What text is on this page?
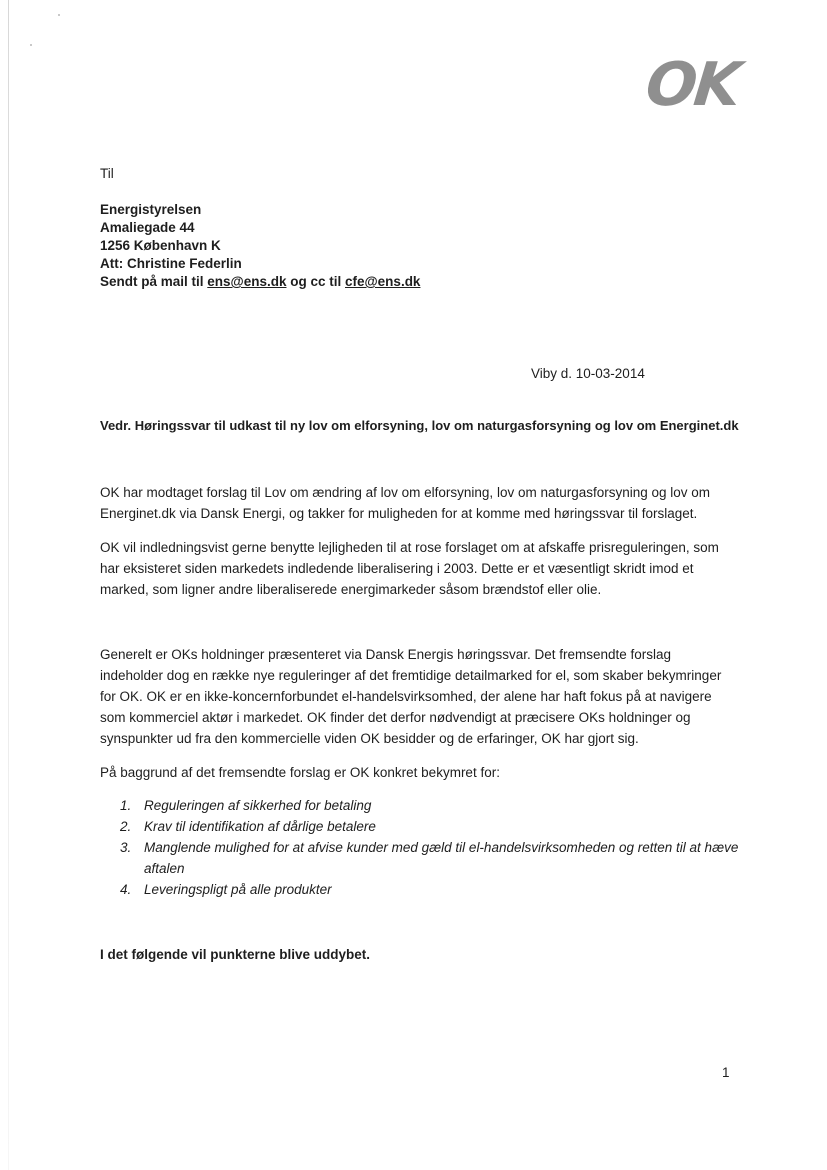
OK
Til
Energistyrelsen
Amaliegade 44
1256 København K
Att: Christine Federlin
Sendt på mail til ens@ens.dk og cc til cfe@ens.dk
Viby d. 10-03-2014
Vedr. Høringssvar til udkast til ny lov om elforsyning, lov om naturgasforsyning og lov om Energinet.dk

OK har modtaget forslag til Lov om ændring af lov om elforsyning, lov om naturgasforsyning og lov om Energinet.dk via Dansk Energi, og takker for muligheden for at komme med høringssvar til forslaget.

OK vil indledningsvist gerne benytte lejligheden til at rose forslaget om at afskaffe prisreguleringen, som har eksisteret siden markedets indledende liberalisering i 2003. Dette er et væsentligt skridt imod et marked, som ligner andre liberaliserede energimarkeder såsom brændstof eller olie.

Generelt er OKs holdninger præsenteret via Dansk Energis høringssvar. Det fremsendte forslag indeholder dog en række nye reguleringer af det fremtidige detailmarked for el, som skaber bekymringer for OK. OK er en ikke-koncernforbundet el-handelsvirksomhed, der alene har haft fokus på at navigere som kommerciel aktør i markedet. OK finder det derfor nødvendigt at præcisere OKs holdninger og synspunkter ud fra den kommercielle viden OK besidder og de erfaringer, OK har gjort sig.

På baggrund af det fremsendte forslag er OK konkret bekymret for:

1. Reguleringen af sikkerhed for betaling
2. Krav til identifikation af dårlige betalere
3. Manglende mulighed for at afvise kunder med gæld til el-handelsvirksomheden og retten til at hæve aftalen
4. Leveringspligt på alle produkter
I det følgende vil punkterne blive uddybet.
1
